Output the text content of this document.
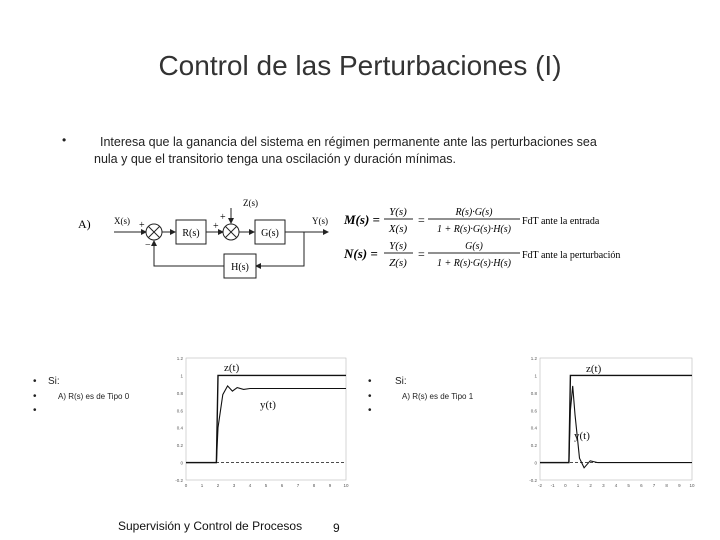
Control de las Perturbaciones (I)
•	Interesa que la ganancia del sistema en régimen permanente ante las perturbaciones sea
nula y que el transitorio tenga una oscilación y duración mínimas.
A)	X(s)	Y(s)
Z(s)
+
−
+
+
R(s)	G(s)
H(s)
M(s) = Y(s)
X(s)
=
R(s)·G(s)
1 + R(s)·G(s)·H(s)
FdT ante la entrada
N(s) = Y(s)
Z(s)
=
G(s)
1 + R(s)·G(s)·H(s)
FdT ante la perturbación
•
•
•
Si:
A) R(s) es de Tipo 0
•
•
•
Si:
A) R(s) es de Tipo 1
-0.2
0
0.2
0.4
0.6
0.8
1
1.2
0	1	2	3	4	5	6	7	8	9	10
z(t)
y(t)
-0.2
0
0.2
0.4
0.6
0.8
1
1.2
-2 -1 0 1 2 3 4 5 6 7 8 9 10
z(t)
y(t)
Supervisión y Control de Procesos	9
